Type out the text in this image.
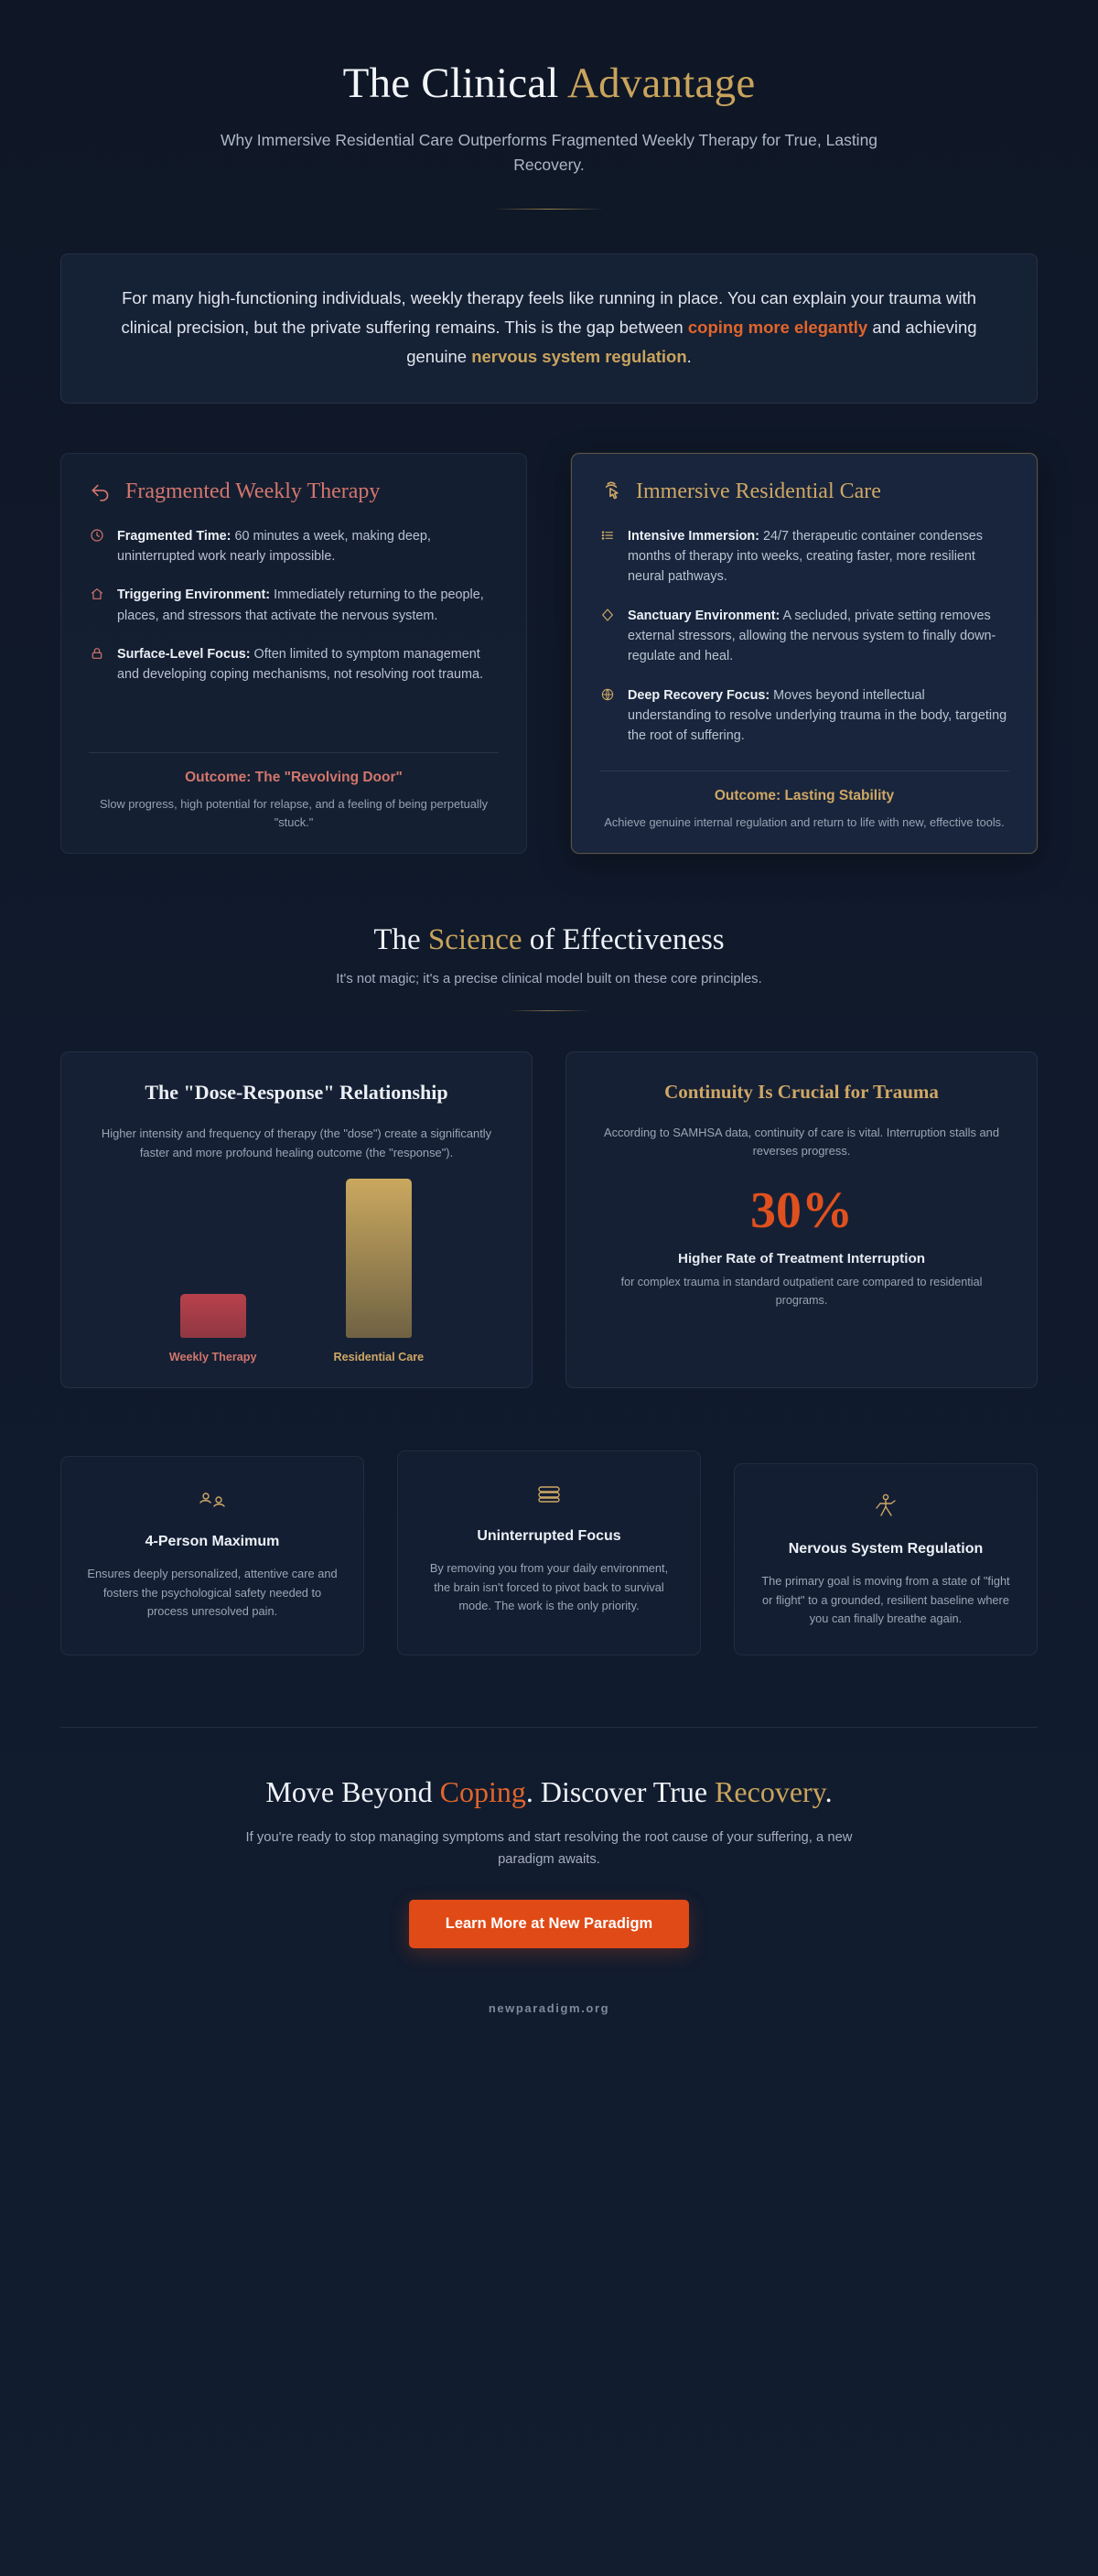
The Clinical Advantage

Why Immersive Residential Care Outperforms Fragmented Weekly Therapy for True, Lasting Recovery.

For many high-functioning individuals, weekly therapy feels like running in place. You can explain your trauma with clinical precision, but the private suffering remains. This is the gap between coping more elegantly and achieving genuine nervous system regulation.

Fragmented Weekly Therapy
Fragmented Time: 60 minutes a week, making deep, uninterrupted work nearly impossible.
Triggering Environment: Immediately returning to the people, places, and stressors that activate the nervous system.
Surface-Level Focus: Often limited to symptom management and developing coping mechanisms, not resolving root trauma.
Outcome: The "Revolving Door"
Slow progress, high potential for relapse, and a feeling of being perpetually "stuck."
Immersive Residential Care
Intensive Immersion: 24/7 therapeutic container condenses months of therapy into weeks, creating faster, more resilient neural pathways.
Sanctuary Environment: A secluded, private setting removes external stressors, allowing the nervous system to finally down-regulate and heal.
Deep Recovery Focus: Moves beyond intellectual understanding to resolve underlying trauma in the body, targeting the root of suffering.
Outcome: Lasting Stability
Achieve genuine internal regulation and return to life with new, effective tools.
The Science of Effectiveness

It's not magic; it's a precise clinical model built on these core principles.

The "Dose-Response" Relationship
Higher intensity and frequency of therapy (the "dose") create a significantly faster and more profound healing outcome (the "response").
Weekly Therapy	Residential Care
Continuity Is Crucial for Trauma
According to SAMHSA data, continuity of care is vital. Interruption stalls and reverses progress.
30%
Higher Rate of Treatment Interruption
for complex trauma in standard outpatient care compared to residential programs.
4-Person Maximum

Ensures deeply personalized, attentive care and fosters the psychological safety needed to process unresolved pain.

Uninterrupted Focus

By removing you from your daily environment, the brain isn't forced to pivot back to survival mode. The work is the only priority.

Nervous System Regulation

The primary goal is moving from a state of "fight or flight" to a grounded, resilient baseline where you can finally breathe again.

Move Beyond Coping. Discover True Recovery.

If you're ready to stop managing symptoms and start resolving the root cause of your suffering, a new paradigm awaits.

Learn More at New Paradigm
newparadigm.org
